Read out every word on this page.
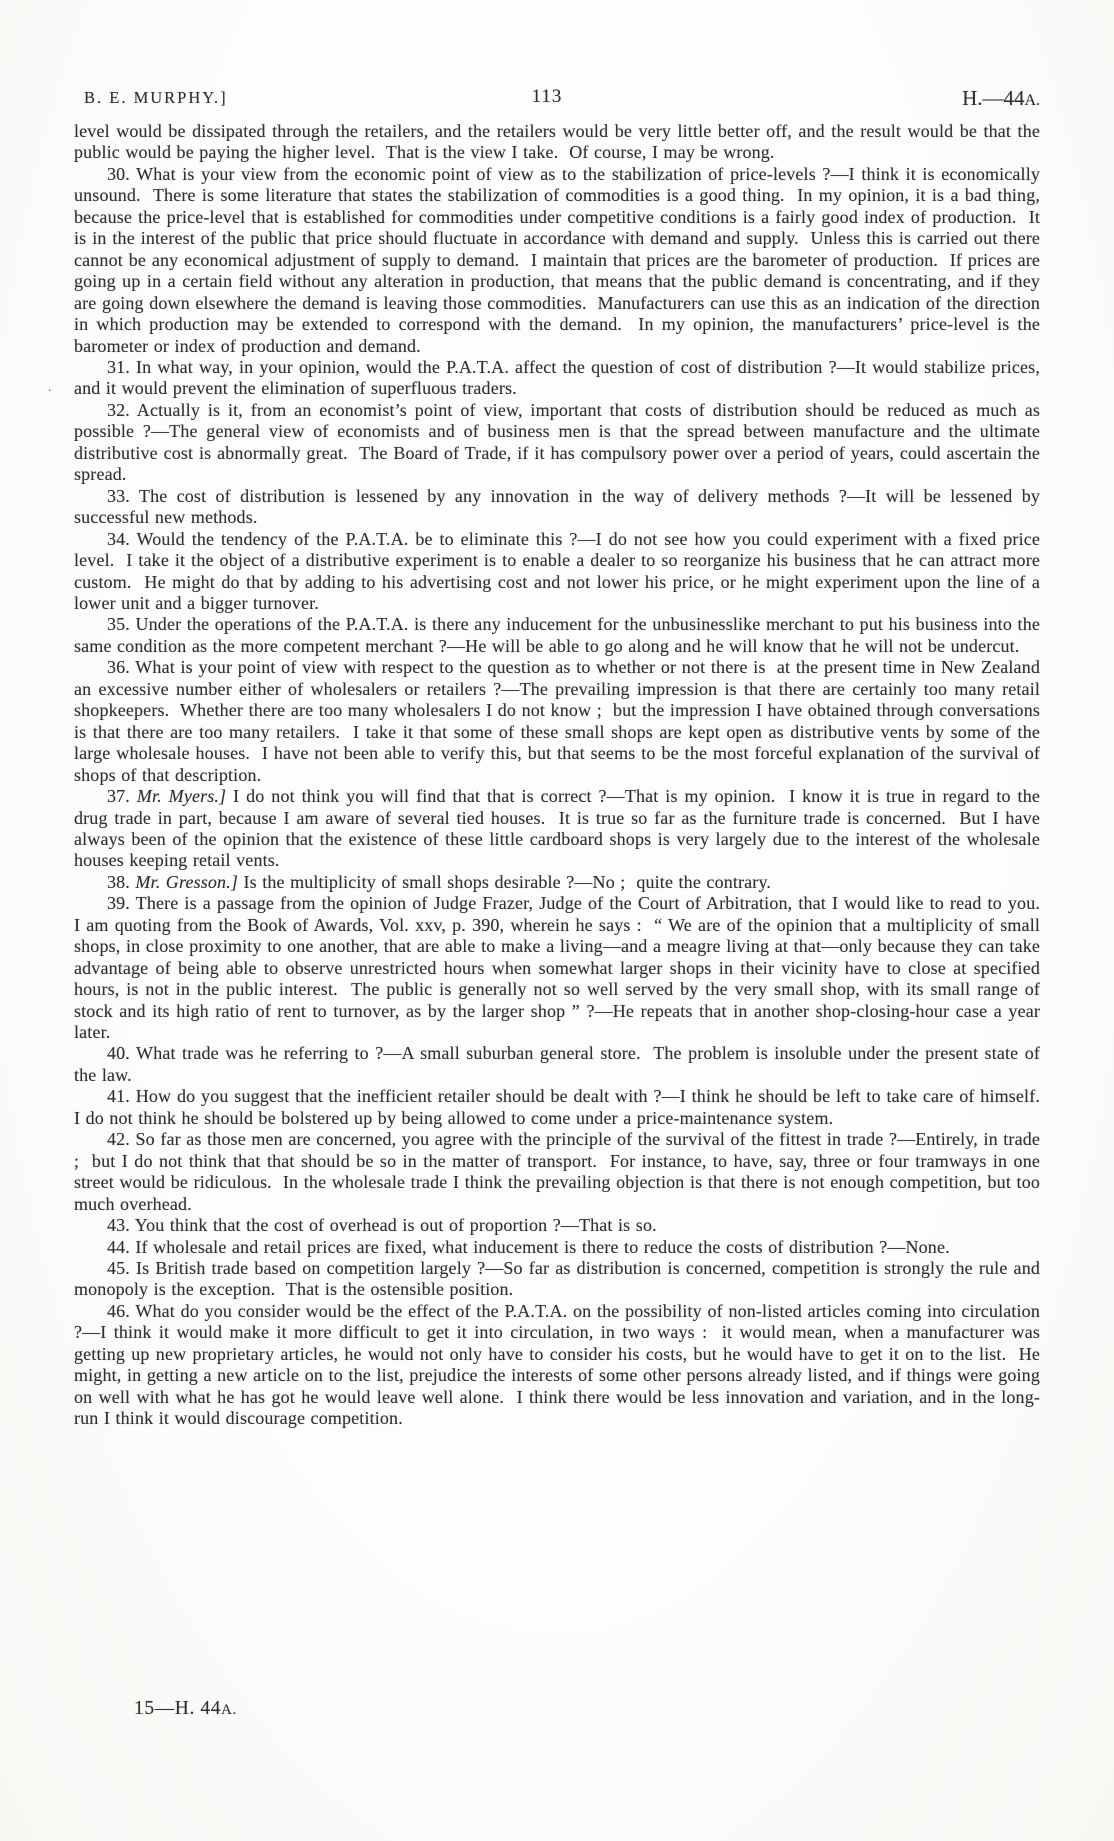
B. E. MURPHY.]	113	H.—44A.
.

level would be dissipated through the retailers, and the retailers would be very little better off, and the result would be that the public would be paying the higher level.  That is the view I take.  Of course, I may be wrong.

30. What is your view from the economic point of view as to the stabilization of price-levels ?—I think it is economically unsound.  There is some literature that states the stabilization of commodities is a good thing.  In my opinion, it is a bad thing, because the price-level that is established for commodities under competitive conditions is a fairly good index of production.  It is in the interest of the public that price should fluctuate in accordance with demand and supply.  Unless this is carried out there cannot be any economical adjustment of supply to demand.  I maintain that prices are the barometer of production.  If prices are going up in a certain field without any alteration in production, that means that the public demand is concentrating, and if they are going down elsewhere the demand is leaving those commodities.  Manufacturers can use this as an indication of the direction in which production may be extended to correspond with the demand.  In my opinion, the manufacturers’ price-level is the barometer or index of production and demand.

31. In what way, in your opinion, would the P.A.T.A. affect the question of cost of distribution ?—It would stabilize prices, and it would prevent the elimination of superfluous traders.

32. Actually is it, from an economist’s point of view, important that costs of distribution should be reduced as much as possible ?—The general view of economists and of business men is that the spread between manufacture and the ultimate distributive cost is abnormally great.  The Board of Trade, if it has compulsory power over a period of years, could ascertain the spread.

33. The cost of distribution is lessened by any innovation in the way of delivery methods ?—It will be lessened by successful new methods.

34. Would the tendency of the P.A.T.A. be to eliminate this ?—I do not see how you could experiment with a fixed price level.  I take it the object of a distributive experiment is to enable a dealer to so reorganize his business that he can attract more custom.  He might do that by adding to his advertising cost and not lower his price, or he might experiment upon the line of a lower unit and a bigger turnover.

35. Under the operations of the P.A.T.A. is there any inducement for the unbusinesslike merchant to put his business into the same condition as the more competent merchant ?—He will be able to go along and he will know that he will not be undercut.

36. What is your point of view with respect to the question as to whether or not there is  at the present time in New Zealand an excessive number either of wholesalers or retailers ?—The prevailing impression is that there are certainly too many retail shopkeepers.  Whether there are too many wholesalers I do not know ;  but the impression I have obtained through conversations is that there are too many retailers.  I take it that some of these small shops are kept open as distributive vents by some of the large wholesale houses.  I have not been able to verify this, but that seems to be the most forceful explanation of the survival of shops of that description.

37. Mr. Myers.] I do not think you will find that that is correct ?—That is my opinion.  I know it is true in regard to the drug trade in part, because I am aware of several tied houses.  It is true so far as the furniture trade is concerned.  But I have always been of the opinion that the existence of these little cardboard shops is very largely due to the interest of the wholesale houses keeping retail vents.

38. Mr. Gresson.] Is the multiplicity of small shops desirable ?—No ;  quite the contrary.

39. There is a passage from the opinion of Judge Frazer, Judge of the Court of Arbitration, that I would like to read to you.  I am quoting from the Book of Awards, Vol. xxv, p. 390, wherein he says :  “ We are of the opinion that a multiplicity of small shops, in close proximity to one another, that are able to make a living—and a meagre living at that—only because they can take advantage of being able to observe unrestricted hours when somewhat larger shops in their vicinity have to close at specified hours, is not in the public interest.  The public is generally not so well served by the very small shop, with its small range of stock and its high ratio of rent to turnover, as by the larger shop ” ?—He repeats that in another shop-closing-hour case a year later.

40. What trade was he referring to ?—A small suburban general store.  The problem is insoluble under the present state of the law.

41. How do you suggest that the inefficient retailer should be dealt with ?—I think he should be left to take care of himself.  I do not think he should be bolstered up by being allowed to come under a price-maintenance system.

42. So far as those men are concerned, you agree with the principle of the survival of the fittest in trade ?—Entirely, in trade ;  but I do not think that that should be so in the matter of transport.  For instance, to have, say, three or four tramways in one street would be ridiculous.  In the wholesale trade I think the prevailing objection is that there is not enough competition, but too much overhead.

43. You think that the cost of overhead is out of proportion ?—That is so.

44. If wholesale and retail prices are fixed, what inducement is there to reduce the costs of distribution ?—None.

45. Is British trade based on competition largely ?—So far as distribution is concerned, competition is strongly the rule and monopoly is the exception.  That is the ostensible position.

46. What do you consider would be the effect of the P.A.T.A. on the possibility of non-listed articles coming into circulation ?—I think it would make it more difficult to get it into circulation, in two ways :  it would mean, when a manufacturer was getting up new proprietary articles, he would not only have to consider his costs, but he would have to get it on to the list.  He might, in getting a new article on to the list, prejudice the interests of some other persons already listed, and if things were going on well with what he has got he would leave well alone.  I think there would be less innovation and variation, and in the long-run I think it would discourage competition.

15—H. 44A.
